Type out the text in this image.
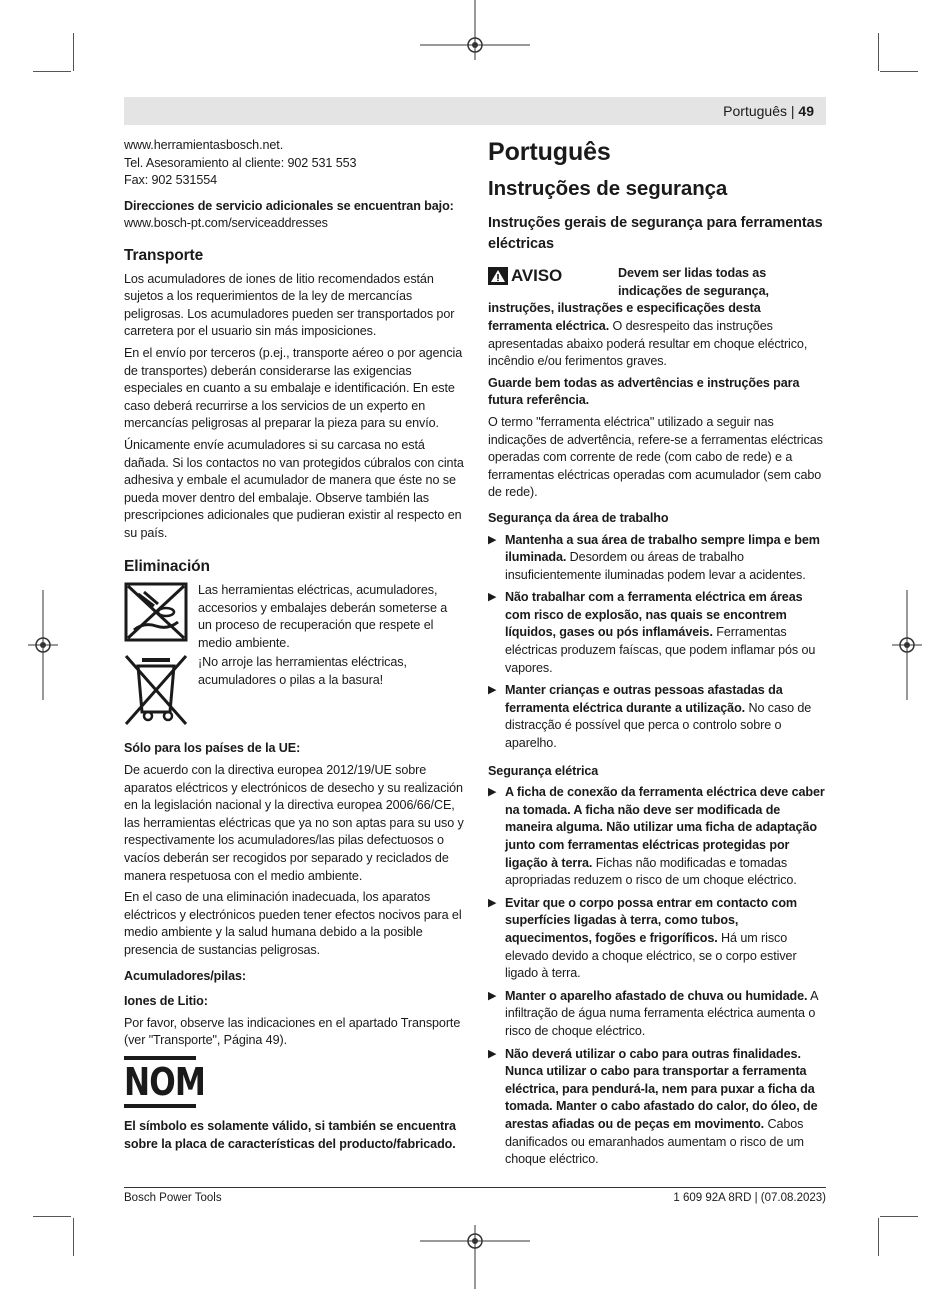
Português | 49
www.herramientasbosch.net.
Tel. Asesoramiento al cliente: 902 531 553
Fax: 902 531554
Direcciones de servicio adicionales se encuentran bajo:
www.bosch-pt.com/serviceaddresses
Transporte

Los acumuladores de iones de litio recomendados están sujetos a los requerimientos de la ley de mercancías peligrosas. Los acumuladores pueden ser transportados por carretera por el usuario sin más imposiciones.

En el envío por terceros (p.ej., transporte aéreo o por agencia de transportes) deberán considerarse las exigencias especiales en cuanto a su embalaje e identificación. En este caso deberá recurrirse a los servicios de un experto en mercancías peligrosas al preparar la pieza para su envío.

Únicamente envíe acumuladores si su carcasa no está dañada. Si los contactos no van protegidos cúbralos con cinta adhesiva y embale el acumulador de manera que éste no se pueda mover dentro del embalaje. Observe también las prescripciones adicionales que pudieran existir al respecto en su país.

Eliminación

Las herramientas eléctricas, acumuladores, accesorios y embalajes deberán someterse a un proceso de recuperación que respete el medio ambiente.

¡No arroje las herramientas eléctricas, acumuladores o pilas a la basura!

Sólo para los países de la UE:

De acuerdo con la directiva europea 2012/19/UE sobre aparatos eléctricos y electrónicos de desecho y su realización en la legislación nacional y la directiva europea 2006/66/CE, las herramientas eléctricas que ya no son aptas para su uso y respectivamente los acumuladores/las pilas defectuosos o vacíos deberán ser recogidos por separado y reciclados de manera respetuosa con el medio ambiente.

En el caso de una eliminación inadecuada, los aparatos eléctricos y electrónicos pueden tener efectos nocivos para el medio ambiente y la salud humana debido a la posible presencia de sustancias peligrosas.

Acumuladores/pilas:
Iones de Litio:

Por favor, observe las indicaciones en el apartado Transporte (ver "Transporte", Página 49).

NOM

El símbolo es solamente válido, si también se encuentra sobre la placa de características del producto/fabricado.

Português
Instruções de segurança
Instruções gerais de segurança para ferramentas eléctricas
AVISO	Devem ser lidas todas as indicações de segurança,

instruções, ilustrações e especificações desta ferramenta eléctrica. O desrespeito das instruções apresentadas abaixo poderá resultar em choque eléctrico, incêndio e/ou ferimentos graves.

Guarde bem todas as advertências e instruções para futura referência.

O termo "ferramenta eléctrica" utilizado a seguir nas indicações de advertência, refere-se a ferramentas eléctricas operadas com corrente de rede (com cabo de rede) e a ferramentas eléctricas operadas com acumulador (sem cabo de rede).

Segurança da área de trabalho
▶ Mantenha a sua área de trabalho sempre limpa e bem iluminada. Desordem ou áreas de trabalho insuficientemente iluminadas podem levar a acidentes.
▶ Não trabalhar com a ferramenta eléctrica em áreas com risco de explosão, nas quais se encontrem líquidos, gases ou pós inflamáveis. Ferramentas eléctricas produzem faíscas, que podem inflamar pós ou vapores.
▶ Manter crianças e outras pessoas afastadas da ferramenta eléctrica durante a utilização. No caso de distracção é possível que perca o controlo sobre o aparelho.
Segurança elétrica
▶ A ficha de conexão da ferramenta eléctrica deve caber na tomada. A ficha não deve ser modificada de maneira alguma. Não utilizar uma ficha de adaptação junto com ferramentas eléctricas protegidas por ligação à terra. Fichas não modificadas e tomadas apropriadas reduzem o risco de um choque eléctrico.
▶ Evitar que o corpo possa entrar em contacto com superfícies ligadas à terra, como tubos, aquecimentos, fogões e frigoríficos. Há um risco elevado devido a choque eléctrico, se o corpo estiver ligado à terra.
▶ Manter o aparelho afastado de chuva ou humidade. A infiltração de água numa ferramenta eléctrica aumenta o risco de choque eléctrico.
▶ Não deverá utilizar o cabo para outras finalidades. Nunca utilizar o cabo para transportar a ferramenta eléctrica, para pendurá-la, nem para puxar a ficha da tomada. Manter o cabo afastado do calor, do óleo, de arestas afiadas ou de peças em movimento. Cabos danificados ou emaranhados aumentam o risco de um choque eléctrico.
Bosch Power Tools	1 609 92A 8RD | (07.08.2023)
